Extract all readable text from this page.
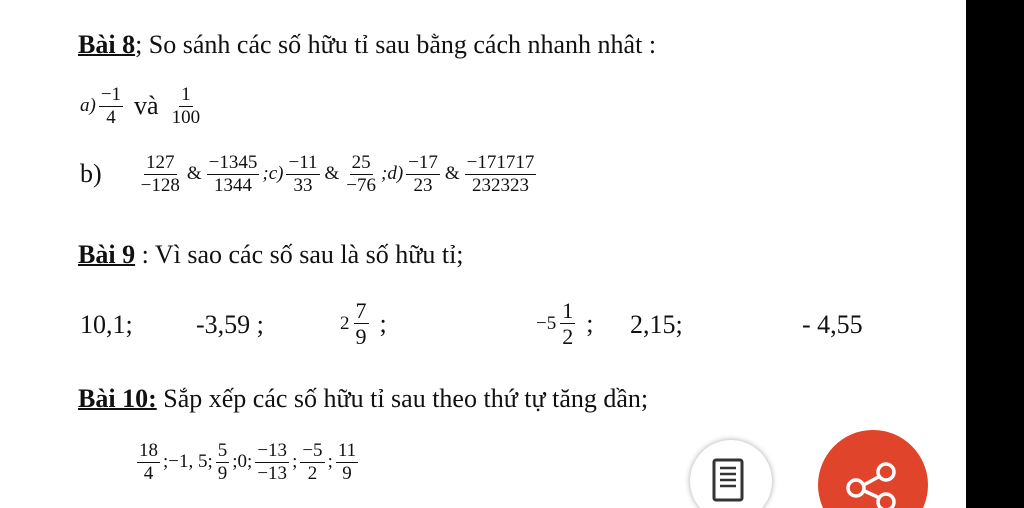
Bài 8; So sánh các số hữu tỉ sau bằng cách nhanh nhât :
$a) \frac{-1}{4}$ và $\frac{1}{100}$
$b) \frac{127}{-128}$ & $\frac{-1345}{1344}$ ;c) $\frac{-11}{33}$ & $\frac{25}{-76}$ ;d) $\frac{-17}{23}$ & $\frac{-171717}{232323}$
Bài 9 : Vì sao các số sau là số hữu tỉ;
10,1; -3,59 ;	$2 \frac{7}{9}$ ;	$-5 \frac{1}{2}$ ; 2,15;	- 4,55
Bài 10: Sắp xếp các số hữu tỉ sau theo thứ tự tăng dần;
$\frac{18}{4}$ ;−1, 5; $\frac{5}{9}$ ;0; $\frac{-13}{-13}$ ; $\frac{-5}{2}$ ; $\frac{11}{9}$
